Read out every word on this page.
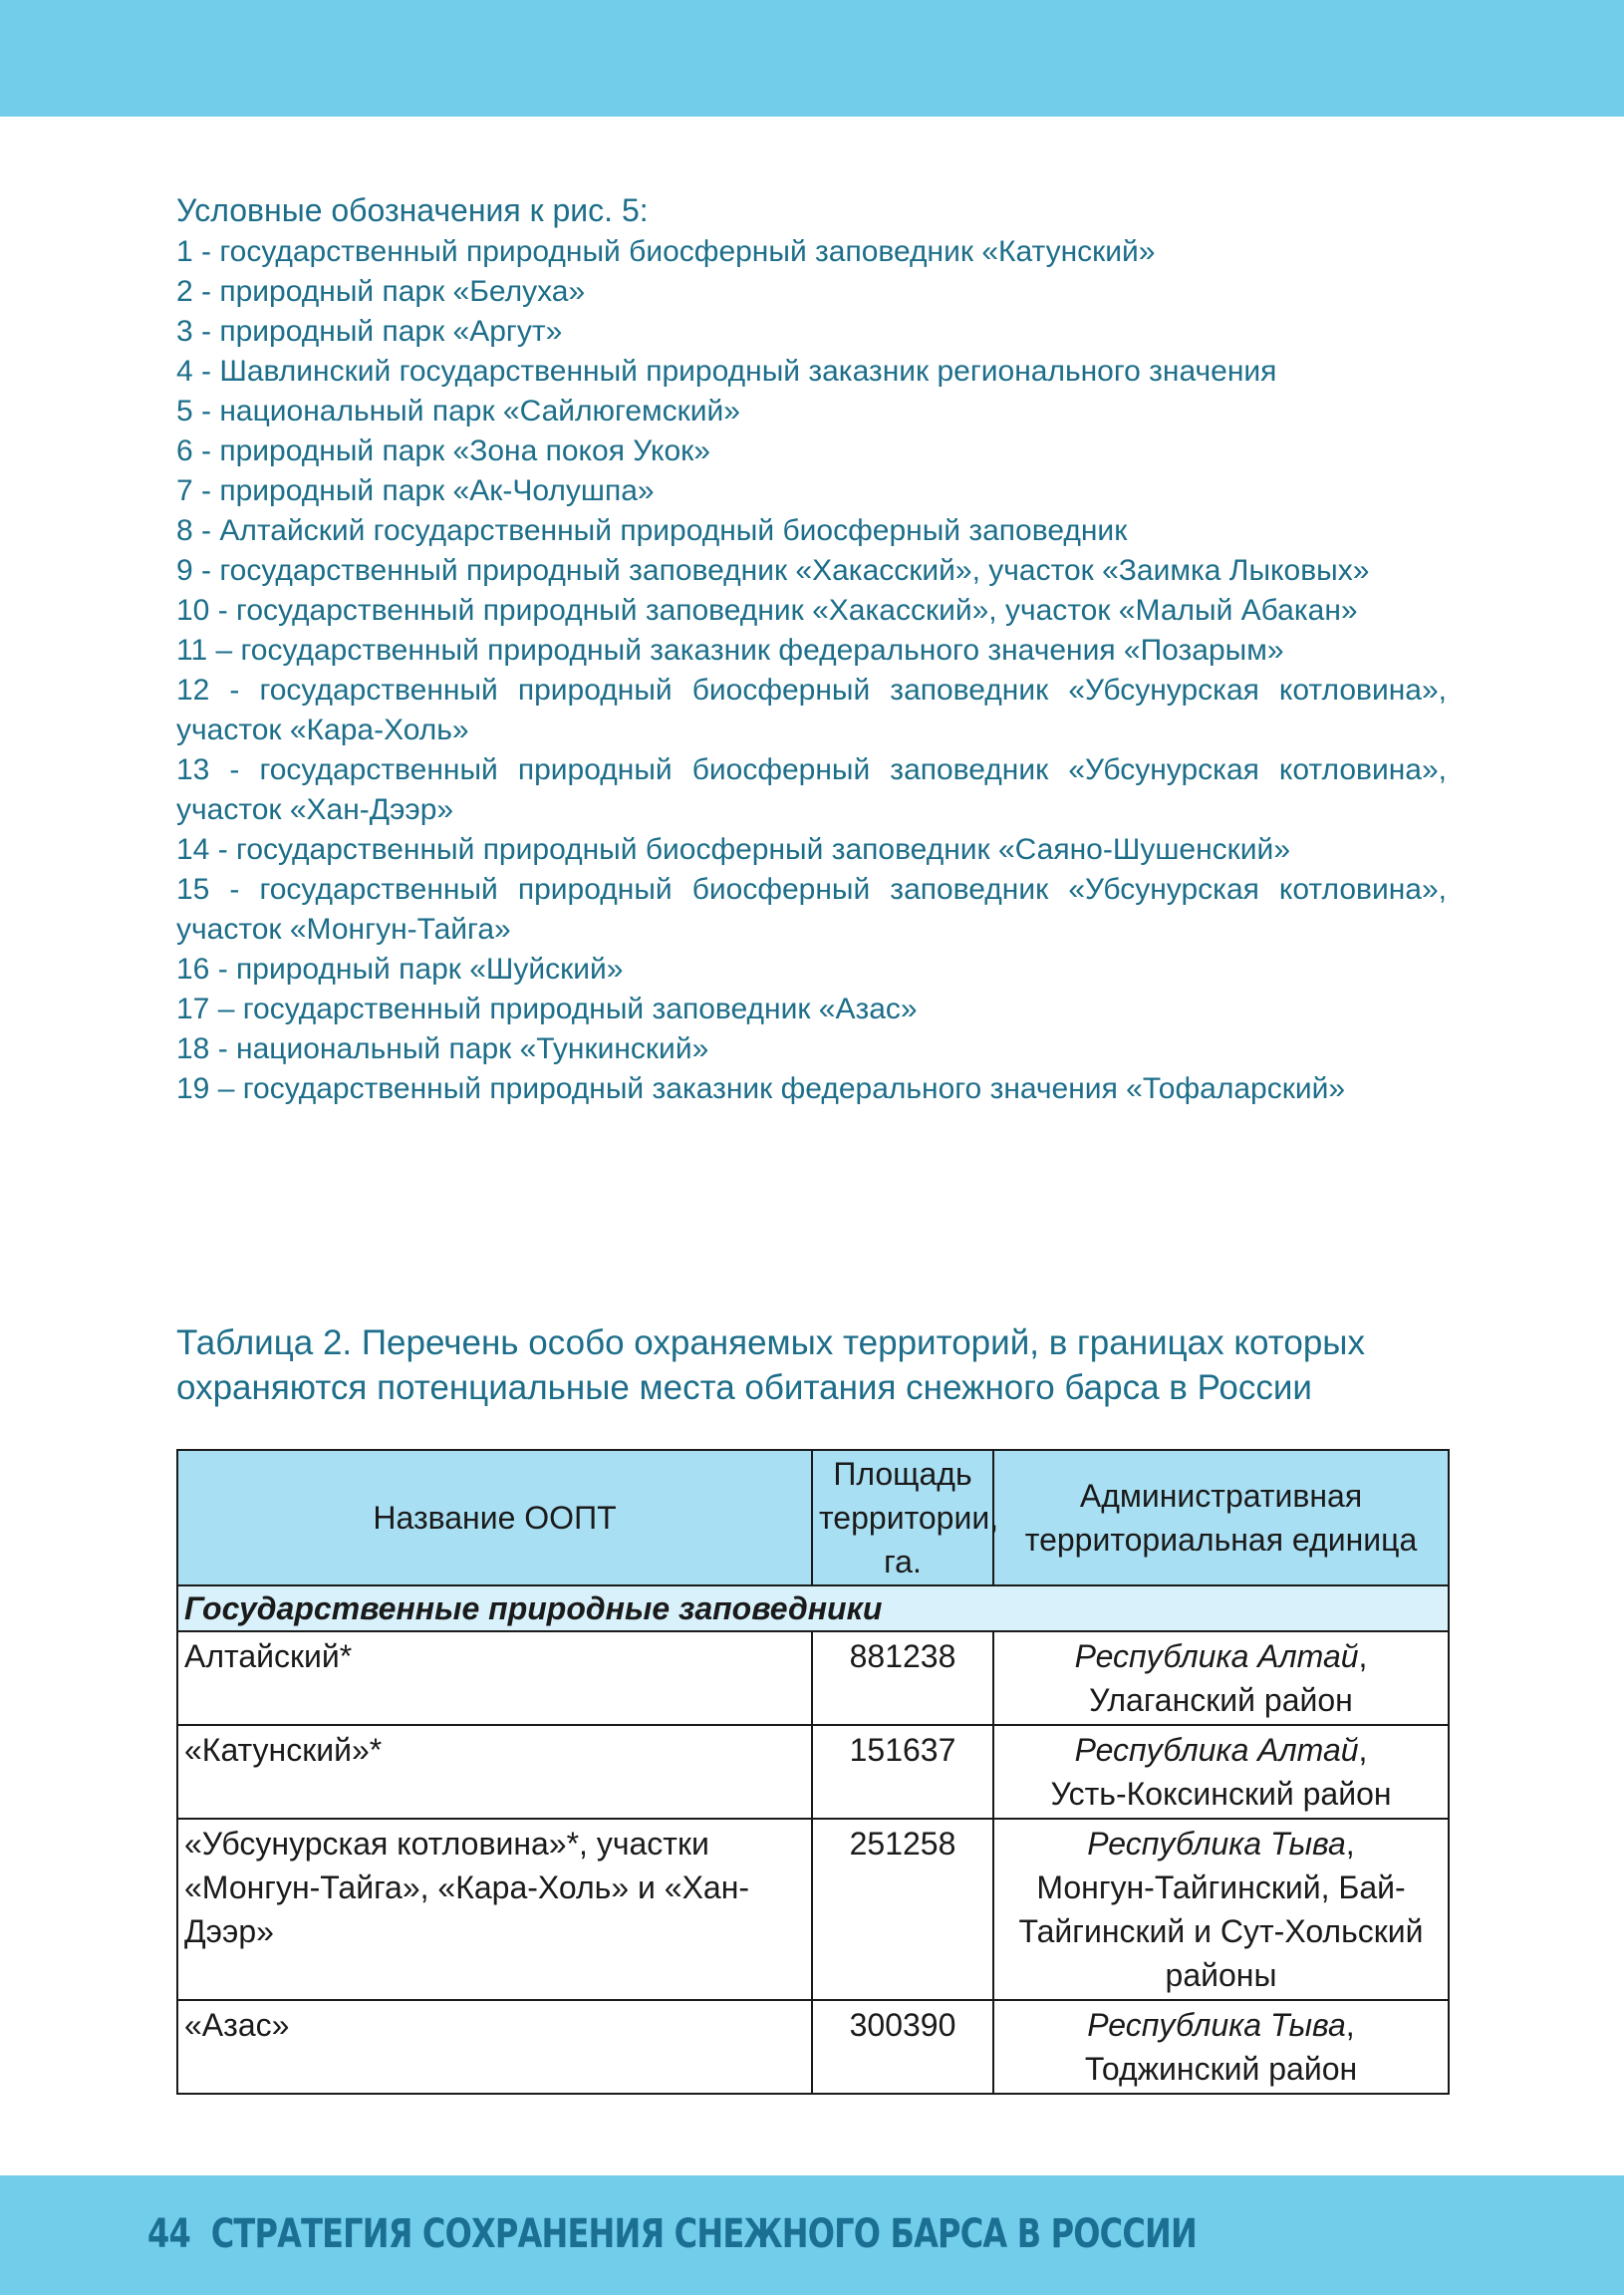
Условные обозначения к рис. 5:
1 - государственный природный биосферный заповедник «Катунский»
2 - природный парк «Белуха»
3 - природный парк «Аргут»
4 - Шавлинский государственный природный заказник регионального значения
5 - национальный парк «Сайлюгемский»
6 - природный парк «Зона покоя Укок»
7 - природный парк «Ак-Чолушпа»
8 - Алтайский государственный природный биосферный заповедник
9 - государственный природный заповедник «Хакасский», участок «Заимка Лыковых»
10 - государственный природный заповедник «Хакасский», участок «Малый Абакан»
11 – государственный природный заказник федерального значения «Позарым»
12 - государственный природный биосферный заповедник «Убсунурская котловина», участок «Кара-Холь»
13 - государственный природный биосферный заповедник «Убсунурская котловина», участок «Хан-Дээр»
14 - государственный природный биосферный заповедник «Саяно-Шушенский»
15 - государственный природный биосферный заповедник «Убсунурская котловина», участок «Монгун-Тайга»
16 - природный парк «Шуйский»
17 – государственный природный заповедник «Азас»
18 - национальный парк «Тункинский»
19 – государственный природный заказник федерального значения «Тофаларский»
Таблица 2. Перечень особо охраняемых территорий, в границах которых охраняются потенциальные места обитания снежного барса в России
Название ООПТ	Площадь территории, га.	Административная территориальная единица
Государственные природные заповедники		
Алтайский*	881238	Республика Алтай,
Улаганский район
«Катунский»*	151637	Республика Алтай,
Усть-Коксинский район
«Убсунурская котловина»*, участки «Монгун-Тайга», «Кара-Холь» и «Хан-Дээр»	251258	Республика Тыва,
Монгун-Тайгинский, Бай-Тайгинский и Сут-Хольский районы
«Азас»	300390	Республика Тыва,
Тоджинский район
44 СТРАТЕГИЯ СОХРАНЕНИЯ СНЕЖНОГО БАРСА В РОССИИ
